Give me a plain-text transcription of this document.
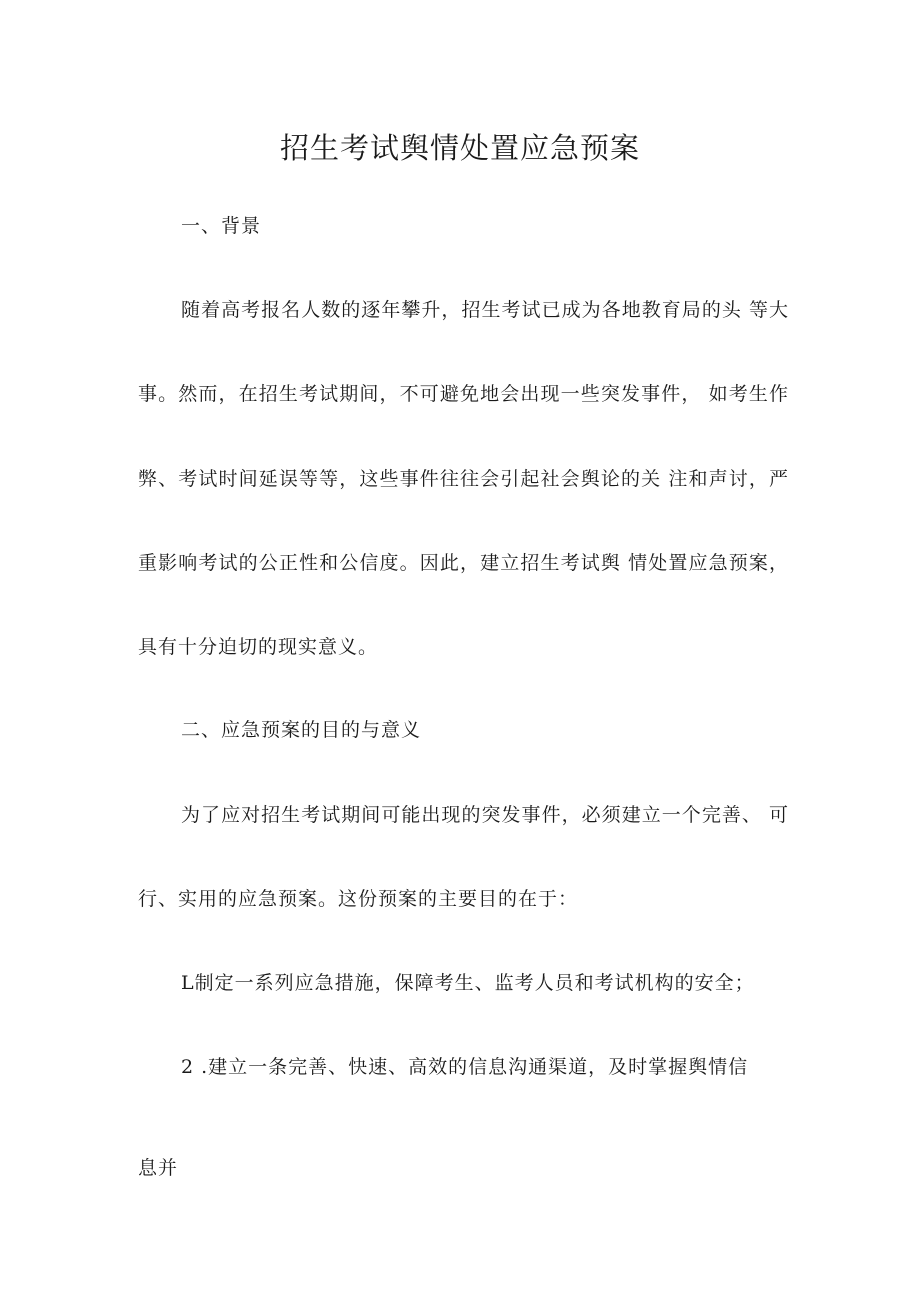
招生考试舆情处置应急预案
一、背景
随着高考报名人数的逐年攀升，招生考试已成为各地教育局的头 等大
事。然而，在招生考试期间，不可避免地会出现一些突发事件， 如考生作
弊、考试时间延误等等，这些事件往往会引起社会舆论的关 注和声讨，严
重影响考试的公正性和公信度。因此，建立招生考试舆 情处置应急预案，
具有十分迫切的现实意义。
二、应急预案的目的与意义
为了应对招生考试期间可能出现的突发事件，必须建立一个完善、 可
行、实用的应急预案。这份预案的主要目的在于：
L制定一系列应急措施，保障考生、监考人员和考试机构的安全；
2 .建立一条完善、快速、高效的信息沟通渠道，及时掌握舆情信
息并
